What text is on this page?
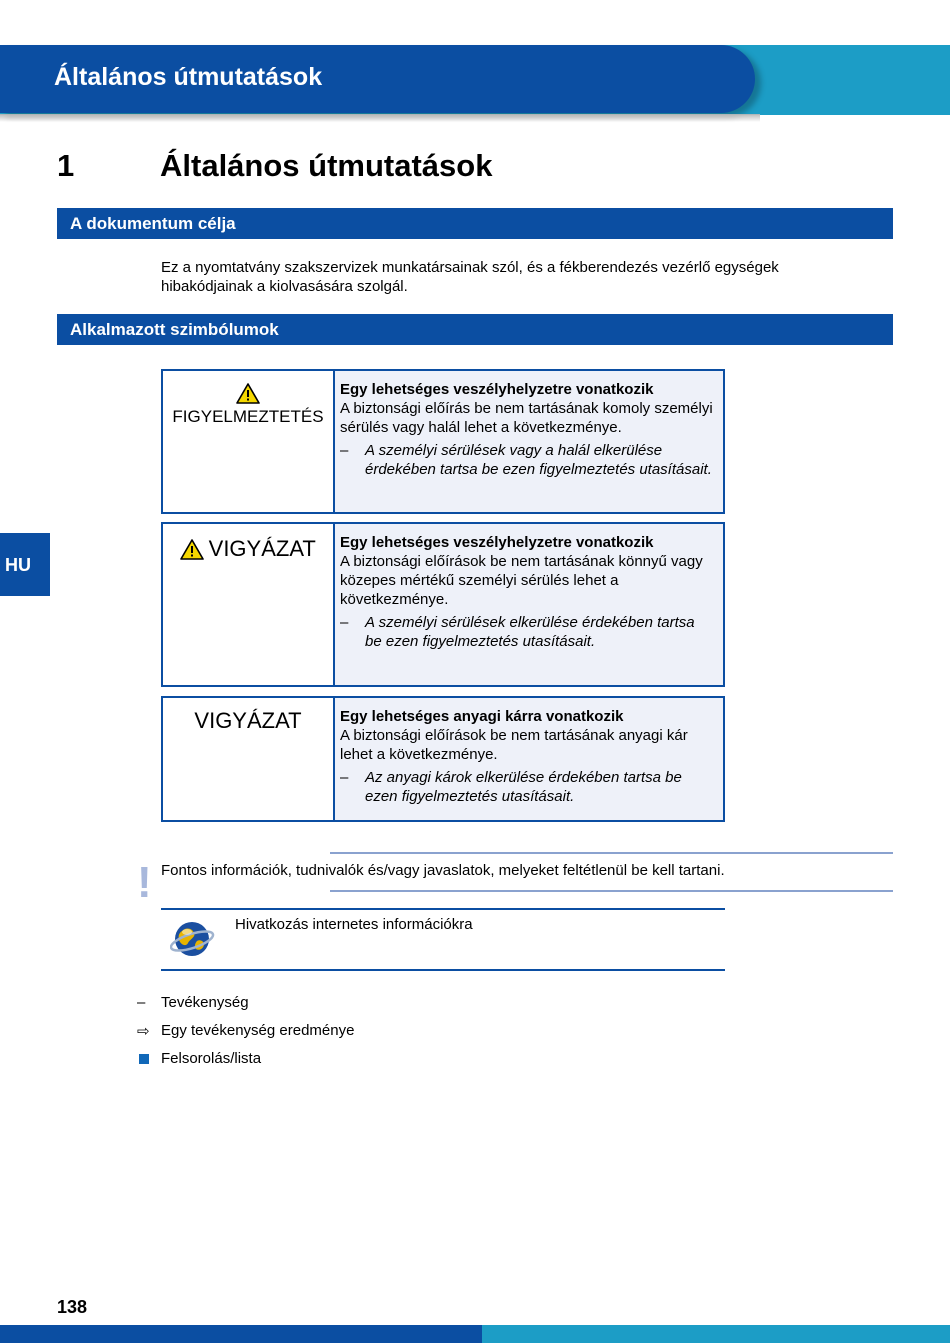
Általános útmutatások
1	Általános útmutatások
A dokumentum célja
Ez a nyomtatvány szakszervizek munkatársainak szól, és a fékberendezés vezérlő egységek hibakódjainak a kiolvasására szolgál.
Alkalmazott szimbólumok
HU
FIGYELMEZTETÉS
Egy lehetséges veszélyhelyzetre vonatkozik
A biztonsági előírás be nem tartásának komoly személyi sérülés vagy halál lehet a következménye.
– A személyi sérülések vagy a halál elkerülése érdekében tartsa be ezen figyelmeztetés utasításait.
VIGYÁZAT	Egy lehetséges veszélyhelyzetre vonatkozik
A biztonsági előírások be nem tartásának könnyű vagy közepes mértékű személyi sérülés lehet a következménye.
– A személyi sérülések elkerülése érdekében tartsa be ezen figyelmeztetés utasításait.
VIGYÁZAT	Egy lehetséges anyagi kárra vonatkozik
A biztonsági előírások be nem tartásának anyagi kár lehet a következménye.
– Az anyagi károk elkerülése érdekében tartsa be ezen figyelmeztetés utasításait.
! Fontos információk, tudnivalók és/vagy javaslatok, melyeket feltétlenül be kell tartani.
Hivatkozás internetes információkra
– Tevékenység
⇨ Egy tevékenység eredménye
Felsorolás/lista
138
